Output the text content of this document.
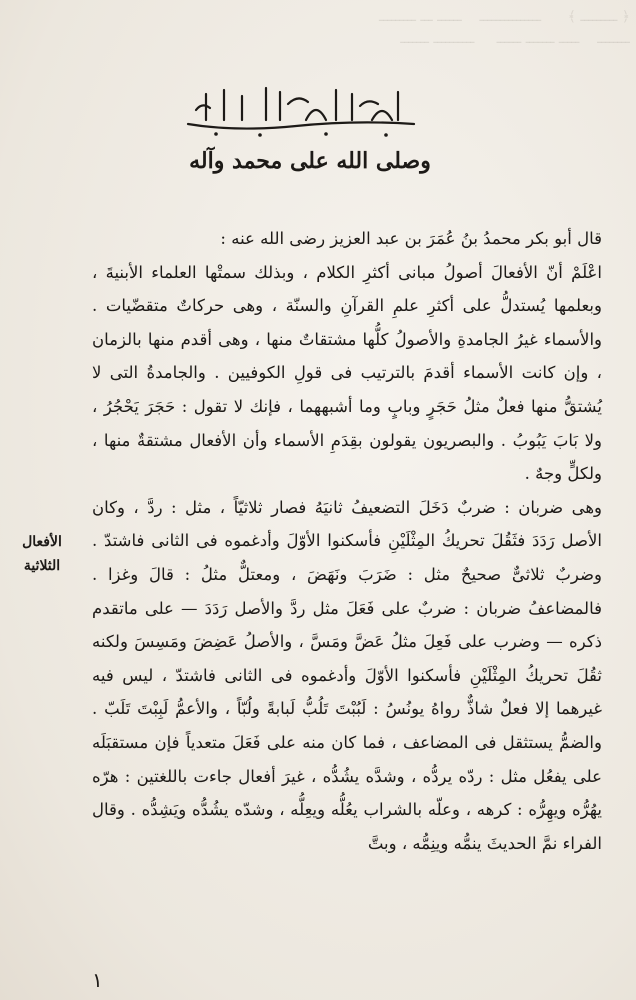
﴿ ـــــــــ ﴾      ـــــــــــــــ    ــــــ ـــ ـــــــــ
ــــــــ    ـــــ ـــــــ ــــــ     ــــــــــ ـــــــ
وصلى الله على محمد وآله

قال أبو بكر محمدُ بنُ عُمَرَ بن عبد العزيز رضى الله عنه :

اعْلَمْ أنّ الأفعالَ أصولُ مبانى أكثرِ الكلام ، وبذلك سمتْها العلماء الأبنيةَ ، وبعلمها يُستدلُّ على أكثرِ علمِ القرآنِ والسنّة ، وهى حركاتٌ متقضّيات . والأسماء غيرُ الجامدةِ والأصولُ كلُّها مشتقاتٌ منها ، وهى أقدم منها بالزمان ، وإن كانت الأسماء أقدمَ بالترتيب فى قولِ الكوفيين . والجامدةُ التى لا يُشتقُّ منها فعلٌ مثلُ حَجَرٍ وبابٍ وما أشبههما ، فإنك لا تقول : حَجَرَ يَحْجُرُ ، ولا بَابَ يَبُوبُ . والبصريون يقولون بقِدَمِ الأسماء وأن الأفعال مشتقةٌ منها ، ولكلٍّ وجهٌ .

وهى ضربان : ضربٌ دَخَلَ التضعيفُ ثانيَهُ فصار ثلاثيّاً ، مثل : ردَّ ، وكان الأصل رَدَدَ فثَقُلَ تحريكُ المِثْلَيْنِ فأسكنوا الأوّلَ وأدغموه فى الثانى فاشتدّ . وضربٌ ثلاثىٌّ صحيحٌ مثل : ضَرَبَ ونَهَضَ ، ومعتلٌّ مثلُ : قالَ وغزا . فالمضاعفُ ضربان : ضربٌ على فَعَلَ مثل ردَّ والأصل رَدَدَ — على ماتقدم ذكره — وضرب على فَعِلَ مثلُ عَضَّ ومَسَّ ، والأصلُ عَضِضَ ومَسِسَ ولكنه ثقُلَ تحريكُ المِثْلَيْنِ فأسكنوا الأوّلَ وأدغموه فى الثانى فاشتدّ ، ليس فيه غيرهما إلا فعلٌ شاذٌّ رواهُ يونُسُ : لَبُبْتَ تَلُبُّ لَبابةً ولُبّاً ، والأعمُّ لَبِبْتَ تَلَبّ . والضمُّ يستثقل فى المضاعف ، فما كان منه على فَعَلَ متعدياً فإن مستقبَلَه على يفعُل مثل : ردّه يردُّه ، وشدَّه يشُدُّه ، غيرَ أفعال جاءت باللغتين : هرّه يهُرُّه ويهِرُّه : كرهه ، وعلّه بالشراب يعُلُّه ويعِلُّه ، وشدّه يشُدُّه ويَشِدُّه . وقال الفراء نمَّ الحديثَ ينمُّه وينِمُّه ، وبتَّ

الأفعال الثلاثية
١
